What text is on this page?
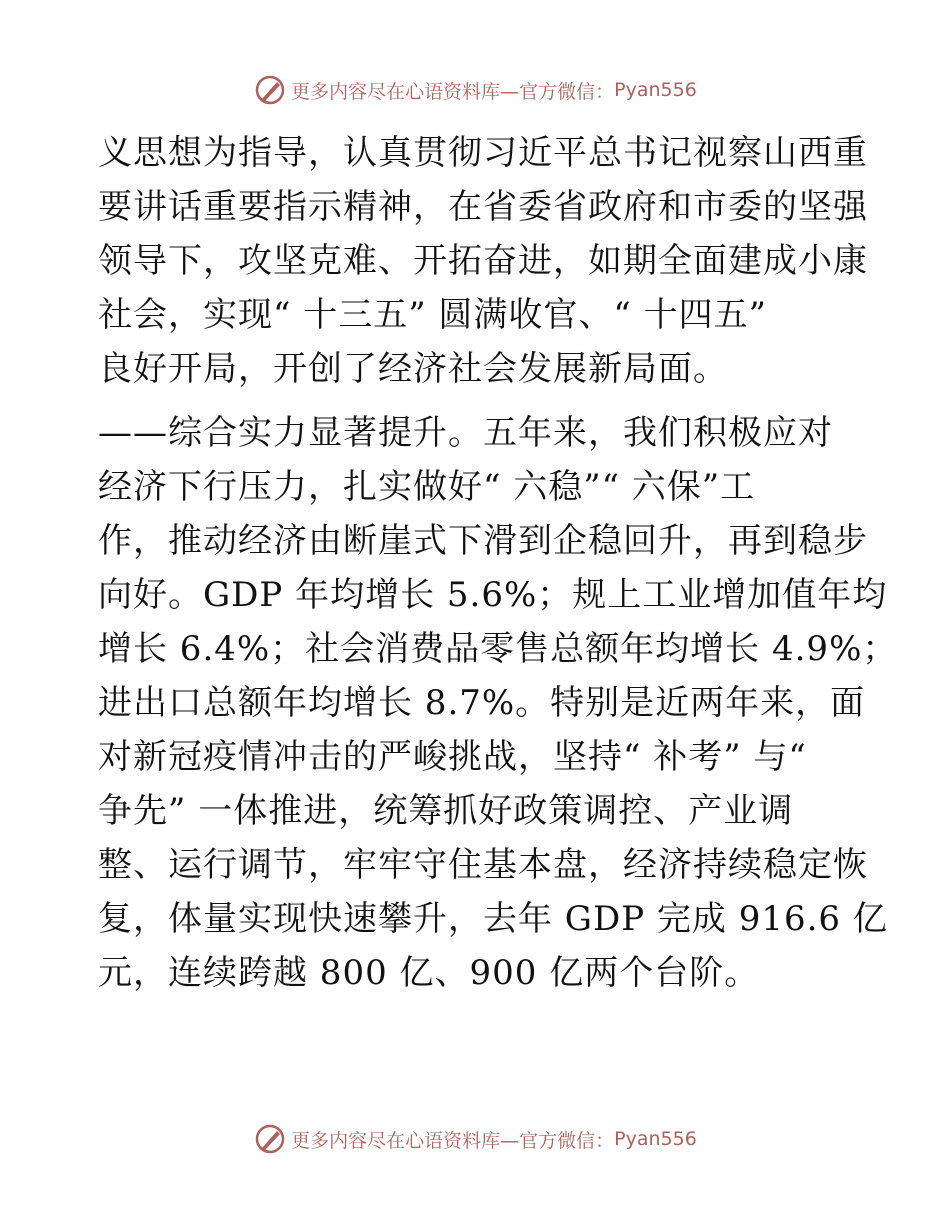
更多内容尽在心语资料库—官方微信： Pyan556

义思想为指导，认真贯彻习近平总书记视察山西重
要讲话重要指示精神，在省委省政府和市委的坚强
领导下，攻坚克难、开拓奋进，如期全面建成小康
社会，实现“ 十三五” 圆满收官、“ 十四五”
良好开局，开创了经济社会发展新局面。

——综合实力显著提升。五年来，我们积极应对
经济下行压力，扎实做好“ 六稳”“ 六保”工
作，推动经济由断崖式下滑到企稳回升，再到稳步
向好。GDP 年均增长 5.6%；规上工业增加值年均
增长 6.4%；社会消费品零售总额年均增长 4.9%；
进出口总额年均增长 8.7%。特别是近两年来，面
对新冠疫情冲击的严峻挑战，坚持“ 补考” 与“
争先” 一体推进，统筹抓好政策调控、产业调
整、运行调节，牢牢守住基本盘，经济持续稳定恢
复，体量实现快速攀升，去年 GDP 完成 916.6 亿
元，连续跨越 800 亿、900 亿两个台阶。

更多内容尽在心语资料库—官方微信： Pyan556
